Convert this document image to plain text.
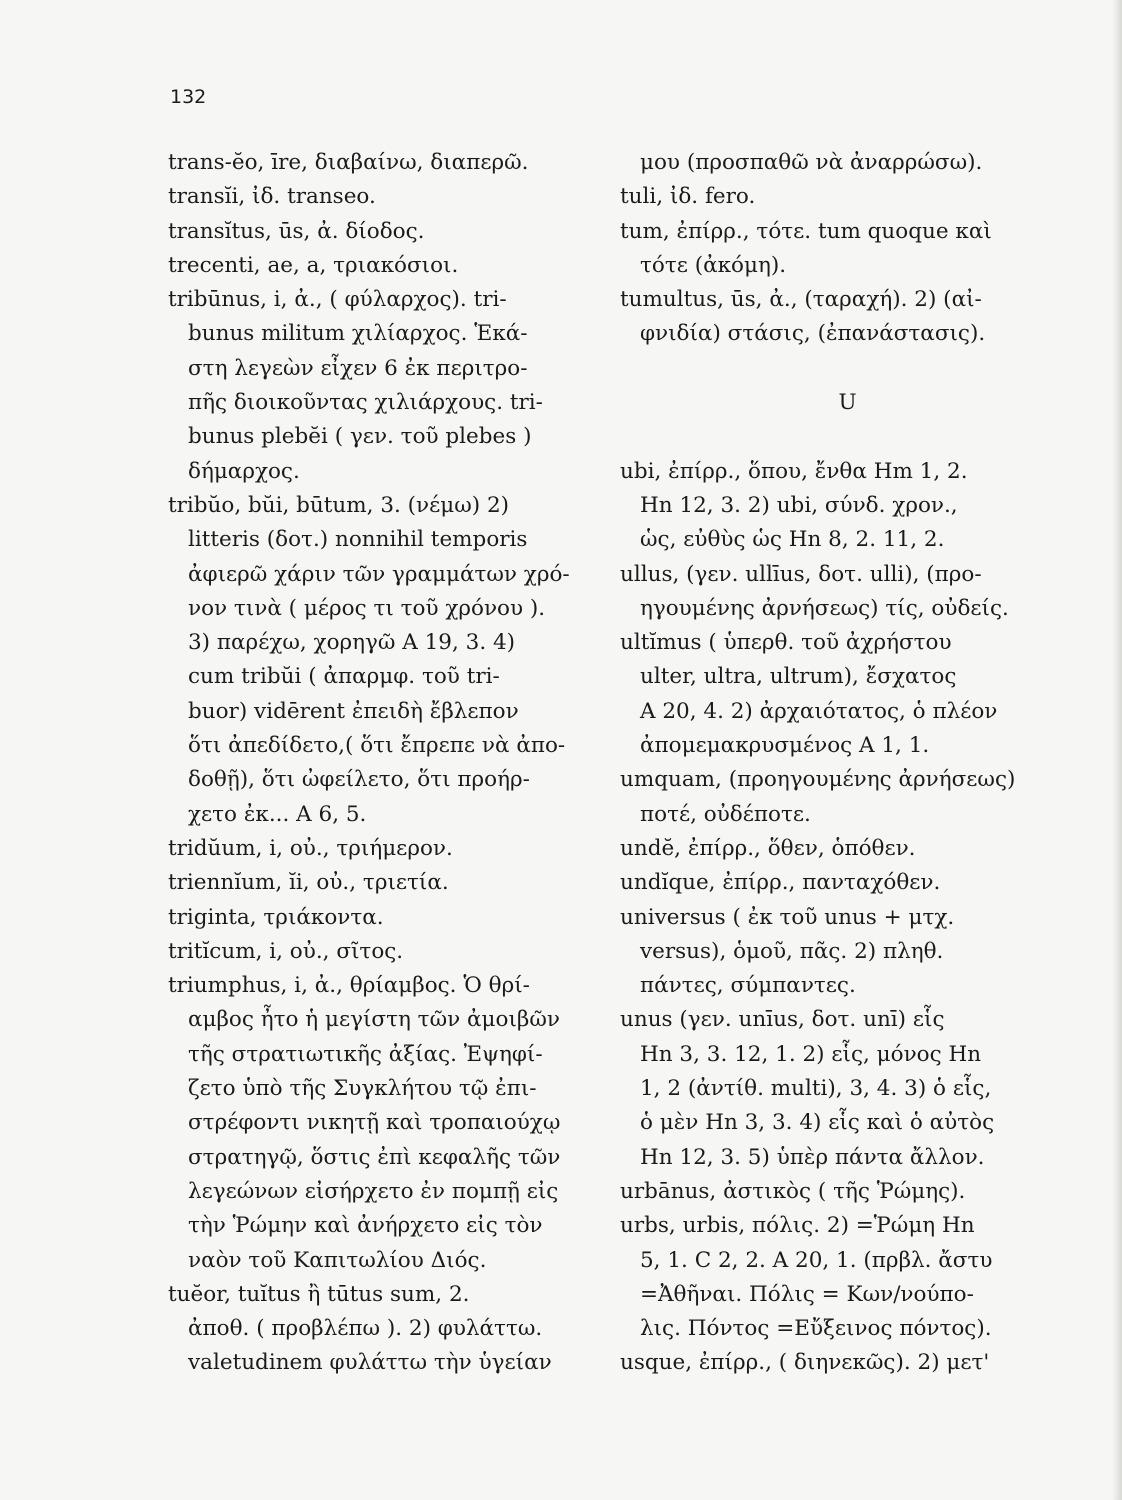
132
trans-ĕo, īre, διαβαίνω, διαπερῶ.
transĭi, ἰδ. transeo.
transĭtus, ūs, ἀ. δίοδος.
trecenti, ae, a, τριακόσιοι.
tribūnus, i, ἀ., ( φύλαρχος). tri-
bunus militum χιλίαρχος. Ἑκά-
στη λεγεὼν εἶχεν 6 ἐκ περιτρο-
πῆς διοικοῦντας χιλιάρχους. tri-
bunus plebĕi ( γεν. τοῦ plebes )
δήμαρχος.
tribŭo, bŭi, būtum, 3. (νέμω) 2)
litteris (δοτ.) nonnihil temporis
ἀφιερῶ χάριν τῶν γραμμάτων χρό-
νον τινὰ ( μέρος τι τοῦ χρόνου ).
3) παρέχω, χορηγῶ A 19, 3. 4)
cum tribŭi ( ἀπαρμφ. τοῦ tri-
buor) vidērent ἐπειδὴ ἔβλεπον
ὅτι ἀπεδίδετο,( ὅτι ἔπρεπε νὰ ἀπο-
δοθῇ), ὅτι ὠφείλετο, ὅτι προήρ-
χετο ἐκ... A 6, 5.
tridŭum, i, οὐ., τριήμερον.
triennĭum, ĭi, οὐ., τριετία.
triginta, τριάκοντα.
tritĭcum, i, οὐ., σῖτος.
triumphus, i, ἀ., θρίαμβος. Ὁ θρί-
αμβος ἦτο ἡ μεγίστη τῶν ἀμοιβῶν
τῆς στρατιωτικῆς ἀξίας. Ἐψηφί-
ζετο ὑπὸ τῆς Συγκλήτου τῷ ἐπι-
στρέφοντι νικητῇ καὶ τροπαιούχῳ
στρατηγῷ, ὅστις ἐπὶ κεφαλῆς τῶν
λεγεώνων εἰσήρχετο ἐν πομπῇ εἰς
τὴν Ῥώμην καὶ ἀνήρχετο εἰς τὸν
ναὸν τοῦ Καπιτωλίου Διός.
tuĕor, tuĭtus ἢ tūtus sum, 2.
ἀποθ. ( προβλέπω ). 2) φυλάττω.
valetudinem φυλάττω τὴν ὑγείαν
μου (προσπαθῶ νὰ ἀναρρώσω).
tuli, ἰδ. fero.
tum, ἐπίρρ., τότε. tum quoque καὶ
τότε (ἀκόμη).
tumultus, ūs, ἀ., (ταραχή). 2) (αἰ-
φνιδία) στάσις, (ἐπανάστασις).
U
ubi, ἐπίρρ., ὅπου, ἔνθα Hm 1, 2.
Hn 12, 3. 2) ubi, σύνδ. χρον.,
ὡς, εὐθὺς ὡς Hn 8, 2. 11, 2.
ullus, (γεν. ullīus, δοτ. ulli), (προ-
ηγουμένης ἀρνήσεως) τίς, οὐδείς.
ultĭmus ( ὑπερθ. τοῦ ἀχρήστου
ulter, ultra, ultrum), ἔσχατος
A 20, 4. 2) ἀρχαιότατος, ὁ πλέον
ἀπομεμακρυσμένος A 1, 1.
umquam, (προηγουμένης ἀρνήσεως)
ποτέ, οὐδέποτε.
undĕ, ἐπίρρ., ὅθεν, ὁπόθεν.
undĭque, ἐπίρρ., πανταχόθεν.
universus ( ἐκ τοῦ unus + μτχ.
versus), ὁμοῦ, πᾶς. 2) πληθ.
πάντες, σύμπαντες.
unus (γεν. unīus, δοτ. unī) εἷς
Hn 3, 3. 12, 1. 2) εἷς, μόνος Hn
1, 2 (ἀντίθ. multi), 3, 4. 3) ὁ εἷς,
ὁ μὲν Hn 3, 3. 4) εἷς καὶ ὁ αὐτὸς
Hn 12, 3. 5) ὑπὲρ πάντα ἄλλον.
urbānus, ἀστικὸς ( τῆς Ῥώμης).
urbs, urbis, πόλις. 2) =Ῥώμη Hn
5, 1. C 2, 2. A 20, 1. (πρβλ. ἄστυ
=Ἀθῆναι. Πόλις = Κων/νούπο-
λις. Πόντος =Εὔξεινος πόντος).
usque, ἐπίρρ., ( διηνεκῶς). 2) μετ'
